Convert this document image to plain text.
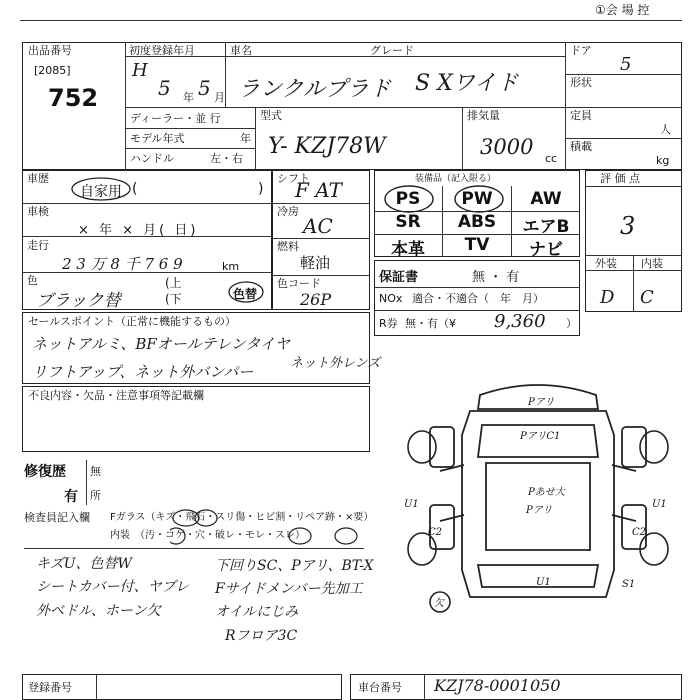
①会 場 控
出品番号
[2085]
752
初度登録年月
H
5 年 5 月
車名	グレード
ランクルプラド S Xワイド
ドア
5
形状
ディーラー・並 行
モデル年式	年
ハンドル	左・右
型式
Y- KZJ78W
排気量
3000 cc
定員
人
積載
kg
車歴
自家用 (	)
車検
× 年 × 月( 日)
走行
2 3 万 8 千 7 6 9	km
色
ブラック替
(上
(下	色替
シフト
F AT
冷房
AC
燃料
軽油
色コード
26P
装備品（記入限る）
PS	PW	AW
SR	ABS	エアB
本革	TV	ナビ
保証書	無 ・ 有
NOx 適合・不適合（　年　月）
R券 無・有（¥ 9,360 ）
評 価 点
3
外装 内装
D C
セールスポイント（正常に機能するもの）
ネットアルミ、BFオールテレンタイヤ
ネット外レンズ
リフトアップ、ネット外バンパー
不良内容・欠品・注意事項等記載欄
修復歴
有
無
所
検査員記入欄 Fガラス（キズ・飛石・スリ傷・ヒビ割・リペア跡・×要）
内装　（汚・コゲ・穴・破レ・モレ・スレ）
キズU、色替W	下回りSC、Pアリ、BT-X
シートカバー付、ヤブレ Fサイドメンバー先加工
外ベドル、ホーン欠	オイルにじみ
Rフロア3C
Pアリ
PアリC1
U1	U1
C2	C2
Pあせ大
Pアリ
U1	S1
欠
登録番号	車台番号 KZJ78-0001050
